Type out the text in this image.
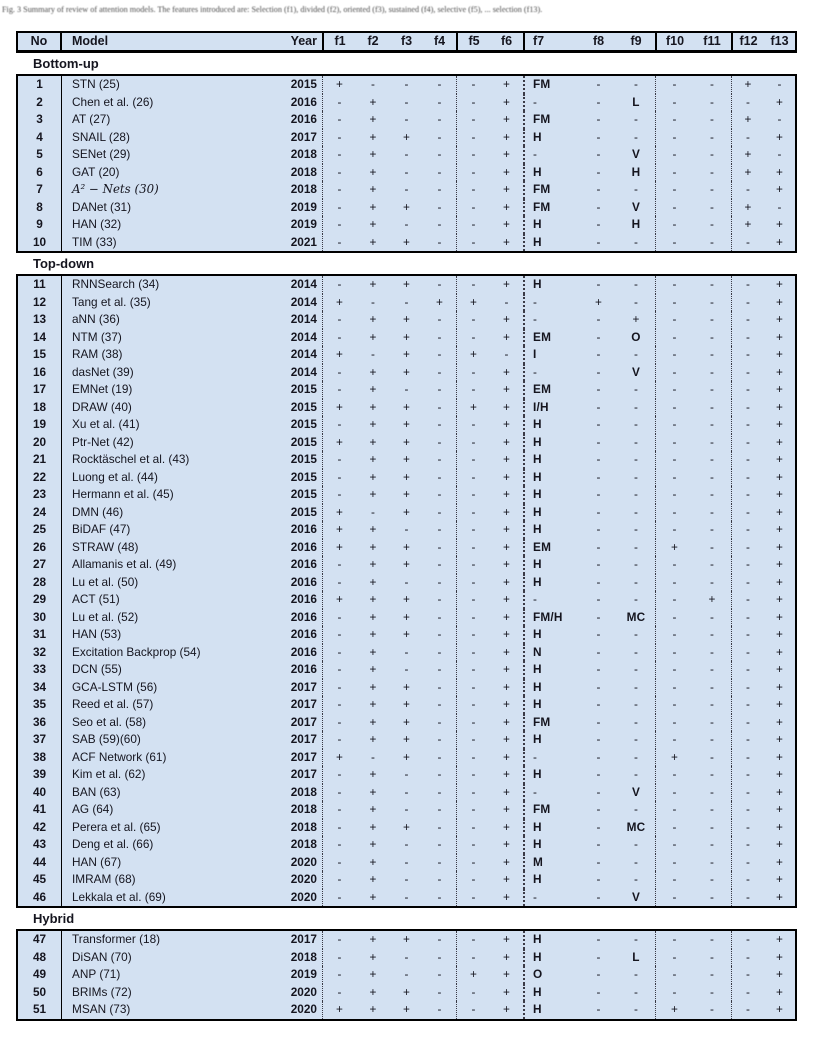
No	Model	Year	f1	f2	f3	f4	f5	f6	f7	f8	f9	f10	f11	f12	f13
Bottom-up
1	STN (25)	2015	+	-	-	-	-	+	FM	-	-	-	-	+	-
2	Chen et al. (26)	2016	-	+	-	-	-	+	-	-	L	-	-	-	+
3	AT (27)	2016	-	+	-	-	-	+	FM	-	-	-	-	+	-
4	SNAIL (28)	2017	-	+	+	-	-	+	H	-	-	-	-	-	+
5	SENet (29)	2018	-	+	-	-	-	+	-	-	V	-	-	+	-
6	GAT (20)	2018	-	+	-	-	-	+	H	-	H	-	-	+	+
7	A² − Nets (30)	2018	-	+	-	-	-	+	FM	-	-	-	-	-	+
8	DANet (31)	2019	-	+	+	-	-	+	FM	-	V	-	-	+	-
9	HAN (32)	2019	-	+	-	-	-	+	H	-	H	-	-	+	+
10	TIM (33)	2021	-	+	+	-	-	+	H	-	-	-	-	-	+
Top-down
11	RNNSearch (34)	2014	-	+	+	-	-	+	H	-	-	-	-	-	+
12	Tang et al. (35)	2014	+	-	-	+	+	-	-	+	-	-	-	-	+
13	aNN (36)	2014	-	+	+	-	-	+	-	-	+	-	-	-	+
14	NTM (37)	2014	-	+	+	-	-	+	EM	-	O	-	-	-	+
15	RAM (38)	2014	+	-	+	-	+	-	I	-	-	-	-	-	+
16	dasNet (39)	2014	-	+	+	-	-	+	-	-	V	-	-	-	+
17	EMNet (19)	2015	-	+	-	-	-	+	EM	-	-	-	-	-	+
18	DRAW (40)	2015	+	+	+	-	+	+	I/H	-	-	-	-	-	+
19	Xu et al. (41)	2015	-	+	+	-	-	+	H	-	-	-	-	-	+
20	Ptr-Net (42)	2015	+	+	+	-	-	+	H	-	-	-	-	-	+
21	Rocktäschel et al. (43)	2015	-	+	+	-	-	+	H	-	-	-	-	-	+
22	Luong et al. (44)	2015	-	+	+	-	-	+	H	-	-	-	-	-	+
23	Hermann et al. (45)	2015	-	+	+	-	-	+	H	-	-	-	-	-	+
24	DMN (46)	2015	+	-	+	-	-	+	H	-	-	-	-	-	+
25	BiDAF (47)	2016	+	+	-	-	-	+	H	-	-	-	-	-	+
26	STRAW (48)	2016	+	+	+	-	-	+	EM	-	-	+	-	-	+
27	Allamanis et al. (49)	2016	-	+	+	-	-	+	H	-	-	-	-	-	+
28	Lu et al. (50)	2016	-	+	-	-	-	+	H	-	-	-	-	-	+
29	ACT (51)	2016	+	+	+	-	-	+	-	-	-	-	+	-	+
30	Lu et al. (52)	2016	-	+	+	-	-	+	FM/H	-	MC	-	-	-	+
31	HAN (53)	2016	-	+	+	-	-	+	H	-	-	-	-	-	+
32	Excitation Backprop (54)	2016	-	+	-	-	-	+	N	-	-	-	-	-	+
33	DCN (55)	2016	-	+	-	-	-	+	H	-	-	-	-	-	+
34	GCA-LSTM (56)	2017	-	+	+	-	-	+	H	-	-	-	-	-	+
35	Reed et al. (57)	2017	-	+	+	-	-	+	H	-	-	-	-	-	+
36	Seo et al. (58)	2017	-	+	+	-	-	+	FM	-	-	-	-	-	+
37	SAB (59)(60)	2017	-	+	+	-	-	+	H	-	-	-	-	-	+
38	ACF Network (61)	2017	+	-	+	-	-	+	-	-	-	+	-	-	+
39	Kim et al. (62)	2017	-	+	-	-	-	+	H	-	-	-	-	-	+
40	BAN (63)	2018	-	+	-	-	-	+	-	-	V	-	-	-	+
41	AG (64)	2018	-	+	-	-	-	+	FM	-	-	-	-	-	+
42	Perera et al. (65)	2018	-	+	+	-	-	+	H	-	MC	-	-	-	+
43	Deng et al. (66)	2018	-	+	-	-	-	+	H	-	-	-	-	-	+
44	HAN (67)	2020	-	+	-	-	-	+	M	-	-	-	-	-	+
45	IMRAM (68)	2020	-	+	-	-	-	+	H	-	-	-	-	-	+
46	Lekkala et al. (69)	2020	-	+	-	-	-	+	-	-	V	-	-	-	+
Hybrid
47	Transformer (18)	2017	-	+	+	-	-	+	H	-	-	-	-	-	+
48	DiSAN (70)	2018	-	+	-	-	-	+	H	-	L	-	-	-	+
49	ANP (71)	2019	-	+	-	-	+	+	O	-	-	-	-	-	+
50	BRIMs (72)	2020	-	+	+	-	-	+	H	-	-	-	-	-	+
51	MSAN (73)	2020	+	+	+	-	-	+	H	-	-	+	-	-	+
Fig. 3 Summary of review of attention models. The features introduced are: Selection (f1), divided (f2), oriented (f3), sustained (f4), selective (f5), ... selection (f13).
